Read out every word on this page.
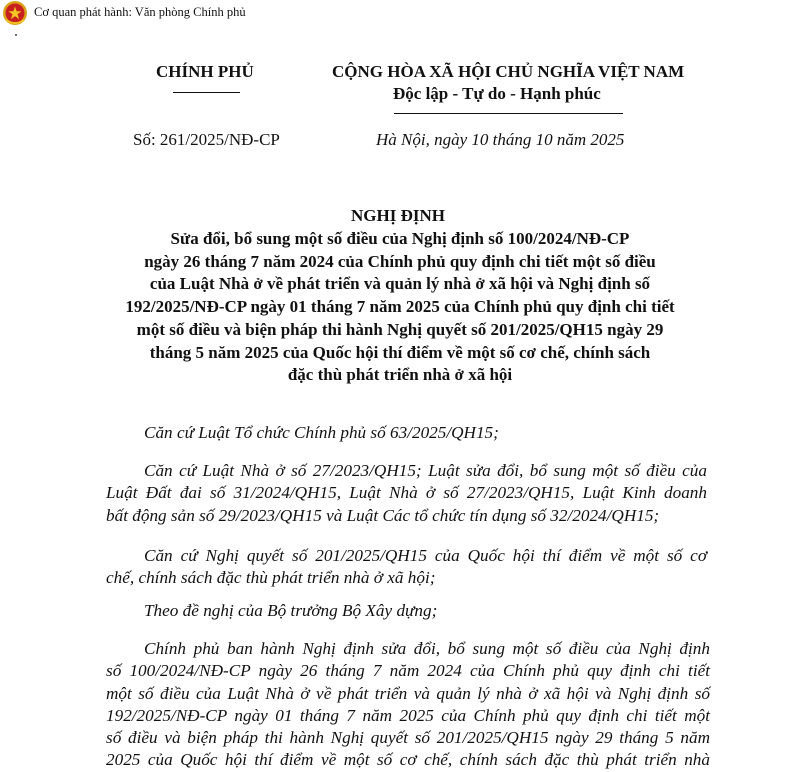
Cơ quan phát hành: Văn phòng Chính phủ
CHÍNH PHỦ	CỘNG HÒA XÃ HỘI CHỦ NGHĨA VIỆT NAM
Độc lập - Tự do - Hạnh phúc
Số: 261/2025/NĐ-CP	Hà Nội, ngày 10 tháng 10 năm 2025
NGHỊ ĐỊNH
Sửa đổi, bổ sung một số điều của Nghị định số 100/2024/NĐ-CP
ngày 26 tháng 7 năm 2024 của Chính phủ quy định chi tiết một số điều
của Luật Nhà ở về phát triển và quản lý nhà ở xã hội và Nghị định số
192/2025/NĐ-CP ngày 01 tháng 7 năm 2025 của Chính phủ quy định chi tiết
một số điều và biện pháp thi hành Nghị quyết số 201/2025/QH15 ngày 29
tháng 5 năm 2025 của Quốc hội thí điểm về một số cơ chế, chính sách
đặc thù phát triển nhà ở xã hội
Căn cứ Luật Tổ chức Chính phủ số 63/2025/QH15;
Căn cứ Luật Nhà ở số 27/2023/QH15; Luật sửa đổi, bổ sung một số điều của
Luật Đất đai số 31/2024/QH15, Luật Nhà ở số 27/2023/QH15, Luật Kinh doanh
bất động sản số 29/2023/QH15 và Luật Các tổ chức tín dụng số 32/2024/QH15;
Căn cứ Nghị quyết số 201/2025/QH15 của Quốc hội thí điểm về một số cơ
chế, chính sách đặc thù phát triển nhà ở xã hội;
Theo đề nghị của Bộ trưởng Bộ Xây dựng;
Chính phủ ban hành Nghị định sửa đổi, bổ sung một số điều của Nghị định
số 100/2024/NĐ-CP ngày 26 tháng 7 năm 2024 của Chính phủ quy định chi tiết
một số điều của Luật Nhà ở về phát triển và quản lý nhà ở xã hội và Nghị định số
192/2025/NĐ-CP ngày 01 tháng 7 năm 2025 của Chính phủ quy định chi tiết một
số điều và biện pháp thi hành Nghị quyết số 201/2025/QH15 ngày 29 tháng 5 năm
2025 của Quốc hội thí điểm về một số cơ chế, chính sách đặc thù phát triển nhà
